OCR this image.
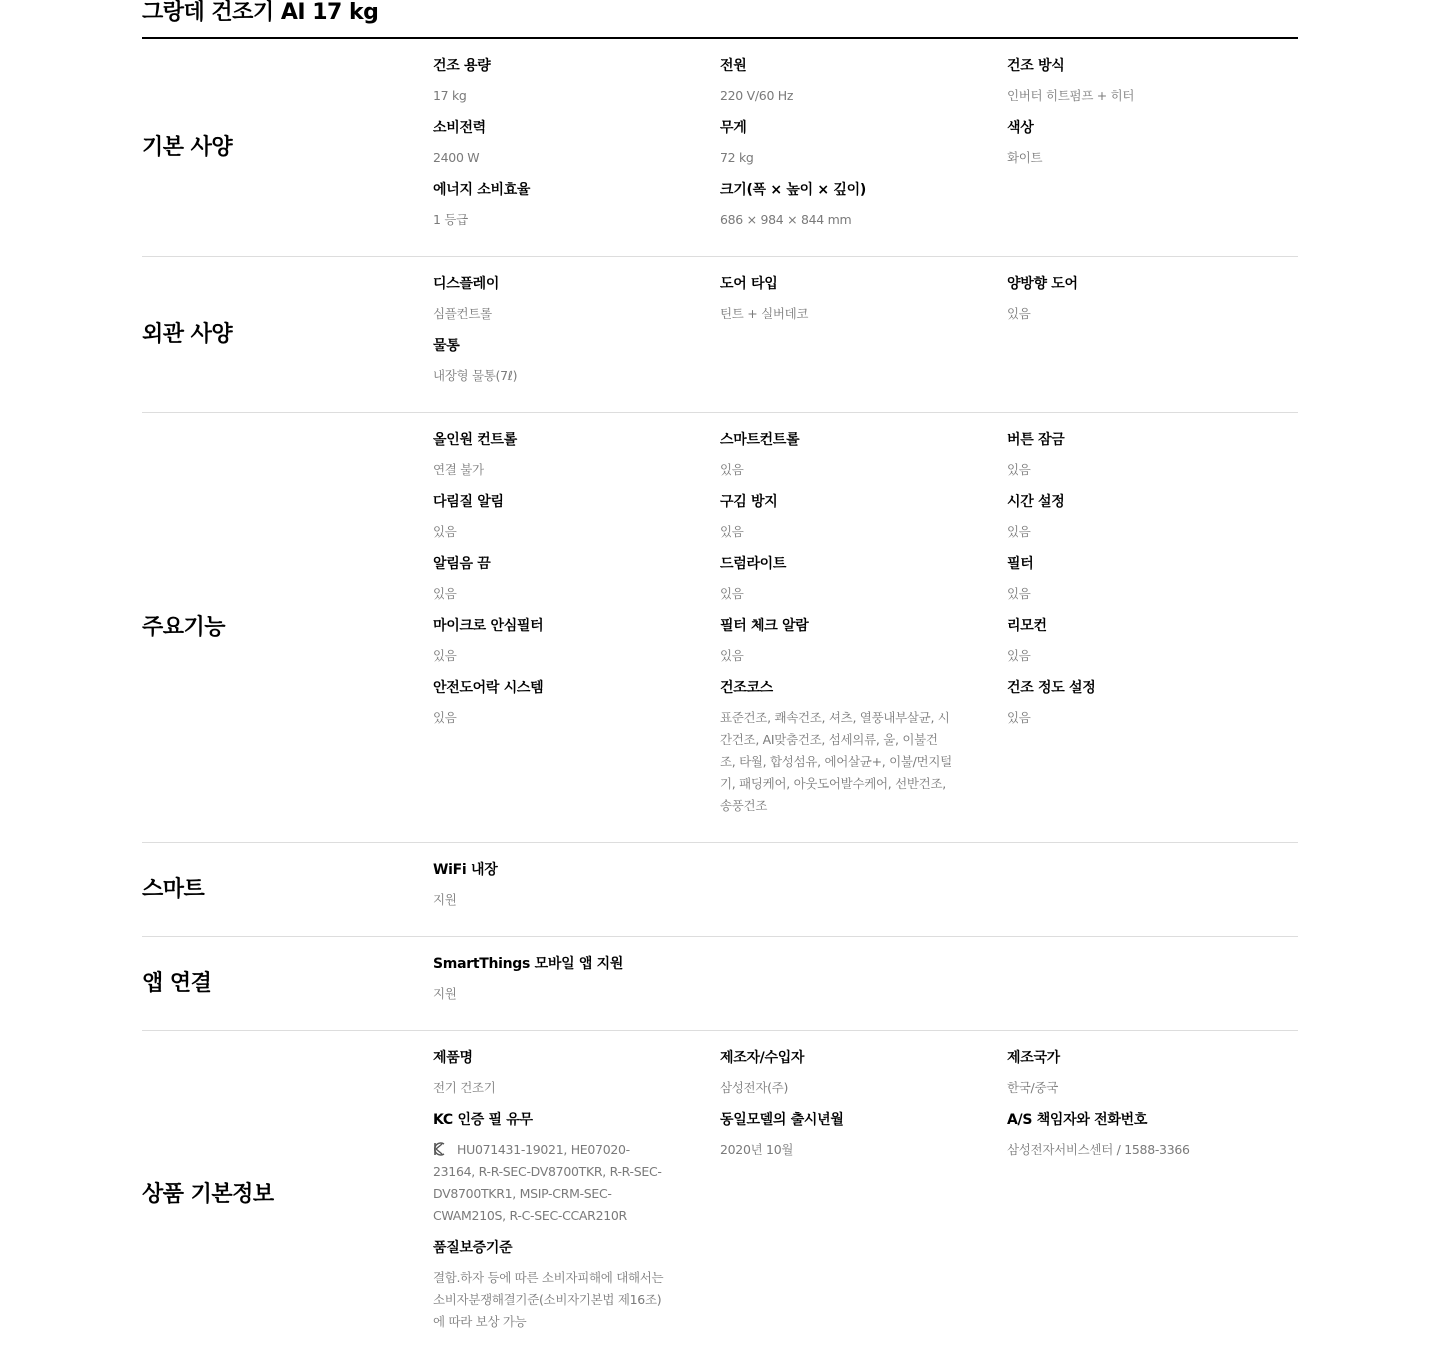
그랑데 건조기 AI 17 kg
기본 사양
건조 용량
17 kg
전원
220 V/60 Hz
건조 방식
인버터 히트펌프 + 히터
소비전력
2400 W
무게
72 kg
색상
화이트
에너지 소비효율
1 등급
크기(폭 × 높이 × 깊이)
686 × 984 × 844 mm
외관 사양
디스플레이
심플컨트롤
도어 타입
틴트 + 실버데코
양방향 도어
있음
물통
내장형 물통(7ℓ)
주요기능
올인원 컨트롤
연결 불가
스마트컨트롤
있음
버튼 잠금
있음
다림질 알림
있음
구김 방지
있음
시간 설정
있음
알림음 끔
있음
드럼라이트
있음
필터
있음
마이크로 안심필터
있음
필터 체크 알람
있음
리모컨
있음
안전도어락 시스템
있음
건조코스
표준건조, 쾌속건조, 셔츠, 열풍내부살균, 시간건조, AI맞춤건조, 섬세의류, 울, 이불건조, 타월, 합성섬유, 에어살균+, 이불/먼지털기, 패딩케어, 아웃도어발수케어, 선반건조, 송풍건조
건조 정도 설정
있음
스마트
WiFi 내장
지원
앱 연결
SmartThings 모바일 앱 지원
지원
상품 기본정보
제품명
전기 건조기
제조자/수입자
삼성전자(주)
제조국가
한국/중국
KC 인증 필 유무
HU071431-19021, HE07020-23164, R-R-SEC-DV8700TKR, R-R-SEC-DV8700TKR1, MSIP-CRM-SEC-CWAM210S, R-C-SEC-CCAR210R
동일모델의 출시년월
2020년 10월
A/S 책임자와 전화번호
삼성전자서비스센터 / 1588-3366
품질보증기준
결함.하자 등에 따른 소비자피해에 대해서는 소비자분쟁해결기준(소비자기본법 제16조)에 따라 보상 가능
